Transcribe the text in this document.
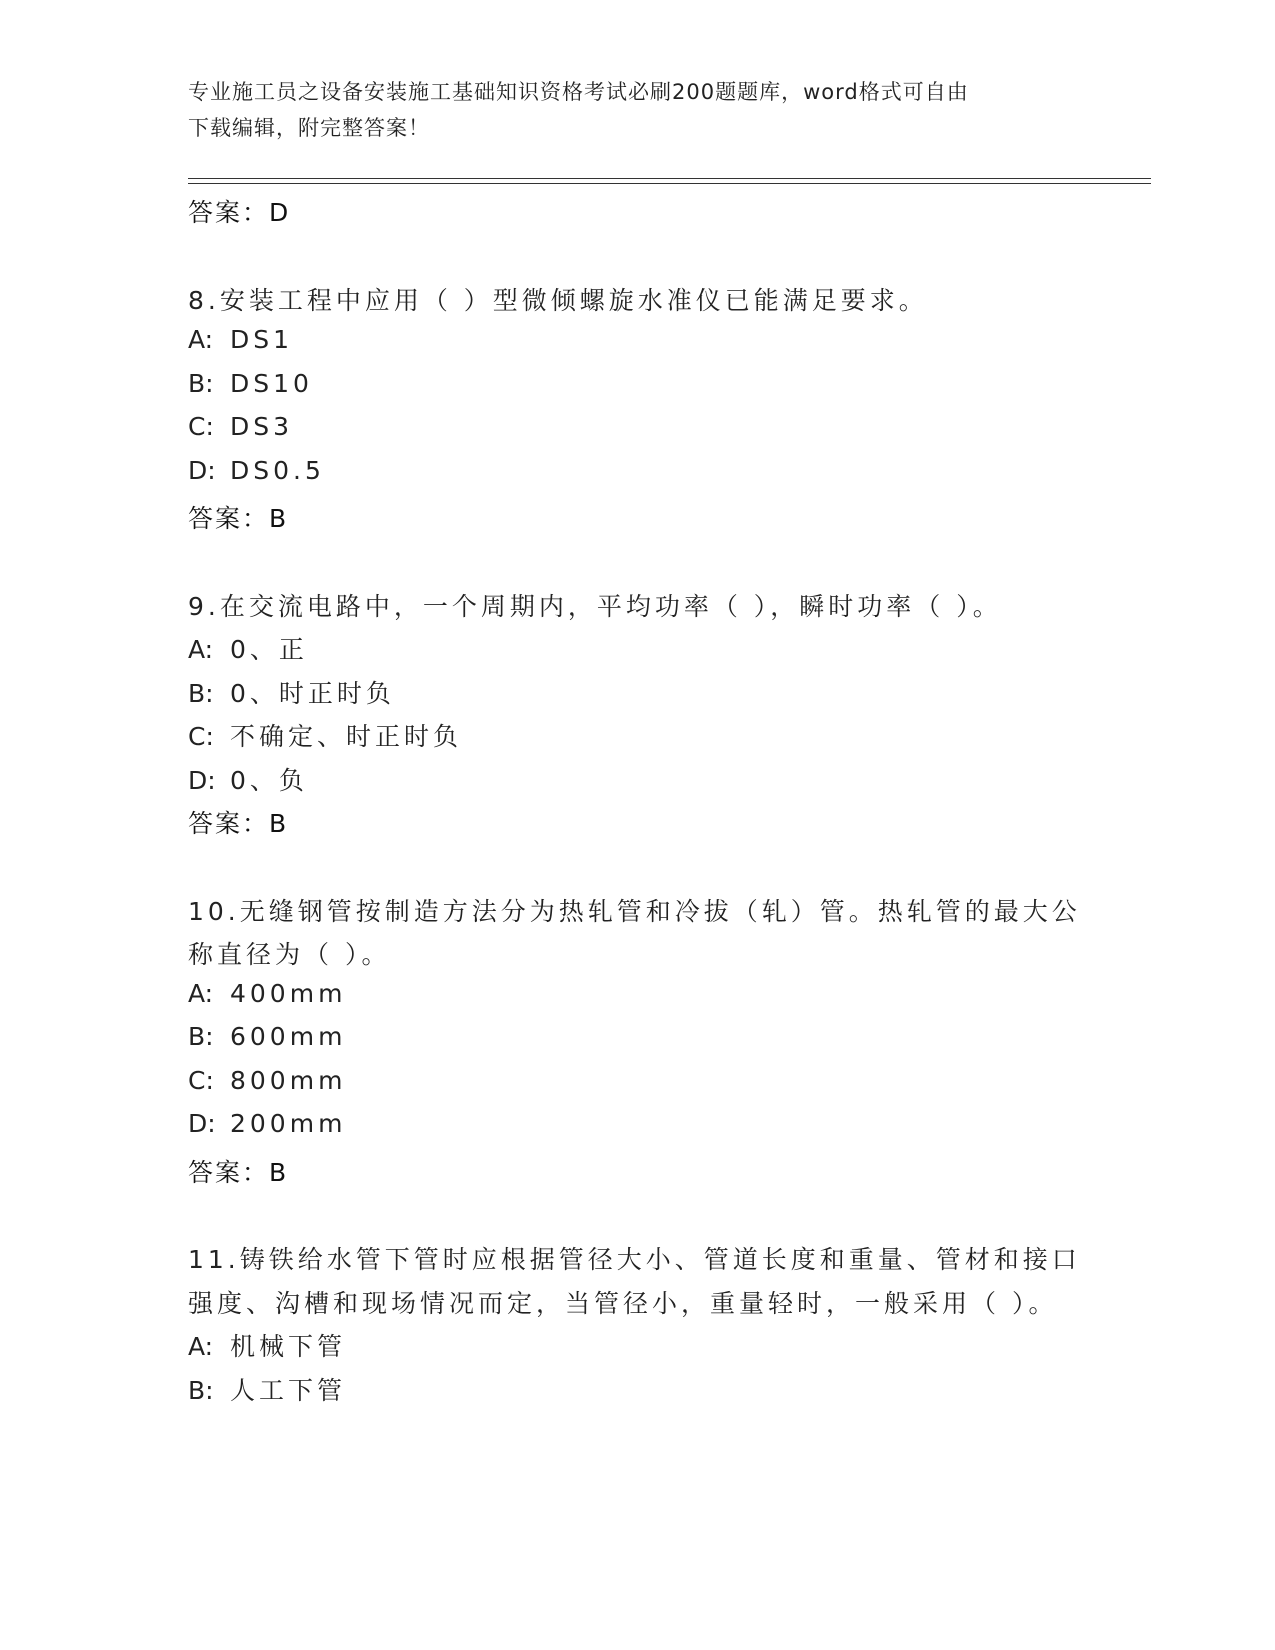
专业施工员之设备安装施工基础知识资格考试必刷200题题库，word格式可自由
下载编辑，附完整答案！
答案：D
8.安装工程中应用（ ）型微倾螺旋水准仪已能满足要求。
A: DS1
B: DS10
C: DS3
D: DS0.5
答案：B
9.在交流电路中，一个周期内，平均功率（ ），瞬时功率（ ）。
A: 0、正
B: 0、时正时负
C: 不确定、时正时负
D: 0、负
答案：B
10.无缝钢管按制造方法分为热轧管和冷拔（轧）管。热轧管的最大公
称直径为（ ）。
A: 400mm
B: 600mm
C: 800mm
D: 200mm
答案：B
11.铸铁给水管下管时应根据管径大小、管道长度和重量、管材和接口
强度、沟槽和现场情况而定，当管径小，重量轻时，一般采用（ ）。
A: 机械下管
B: 人工下管
